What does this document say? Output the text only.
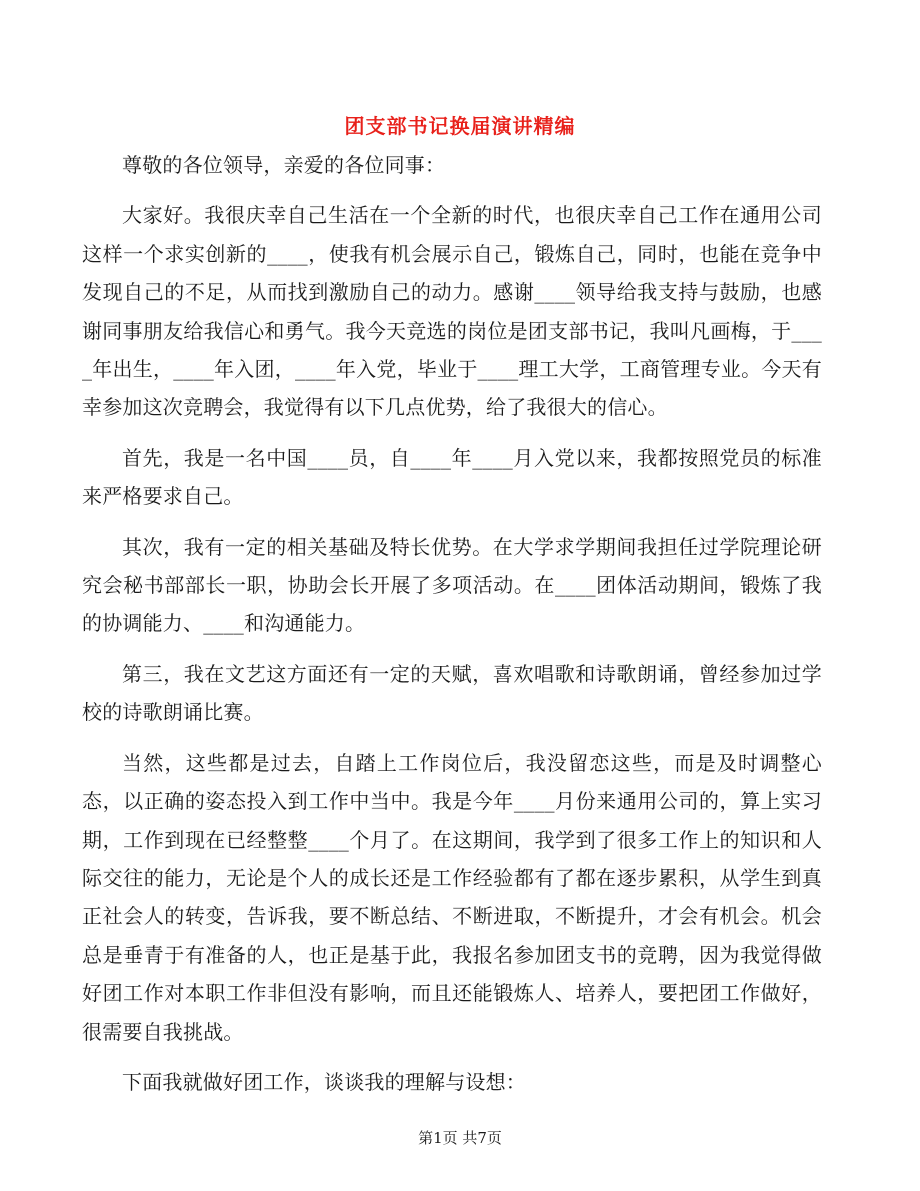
团支部书记换届演讲精编

尊敬的各位领导，亲爱的各位同事：

大家好。我很庆幸自己生活在一个全新的时代，也很庆幸自己工作在通用公司这样一个求实创新的____，使我有机会展示自己，锻炼自己，同时，也能在竞争中发现自己的不足，从而找到激励自己的动力。感谢____领导给我支持与鼓励，也感谢同事朋友给我信心和勇气。我今天竞选的岗位是团支部书记，我叫凡画梅，于____年出生，____年入团，____年入党，毕业于____理工大学，工商管理专业。今天有幸参加这次竞聘会，我觉得有以下几点优势，给了我很大的信心。

首先，我是一名中国____员，自____年____月入党以来，我都按照党员的标准来严格要求自己。

其次，我有一定的相关基础及特长优势。在大学求学期间我担任过学院理论研究会秘书部部长一职，协助会长开展了多项活动。在____团体活动期间，锻炼了我的协调能力、____和沟通能力。

第三，我在文艺这方面还有一定的天赋，喜欢唱歌和诗歌朗诵，曾经参加过学校的诗歌朗诵比赛。

当然，这些都是过去，自踏上工作岗位后，我没留恋这些，而是及时调整心态，以正确的姿态投入到工作中当中。我是今年____月份来通用公司的，算上实习期，工作到现在已经整整____个月了。在这期间，我学到了很多工作上的知识和人际交往的能力，无论是个人的成长还是工作经验都有了都在逐步累积，从学生到真正社会人的转变，告诉我，要不断总结、不断进取，不断提升，才会有机会。机会总是垂青于有准备的人，也正是基于此，我报名参加团支书的竞聘，因为我觉得做好团工作对本职工作非但没有影响，而且还能锻炼人、培养人，要把团工作做好，很需要自我挑战。

下面我就做好团工作，谈谈我的理解与设想：

第1页 共7页
